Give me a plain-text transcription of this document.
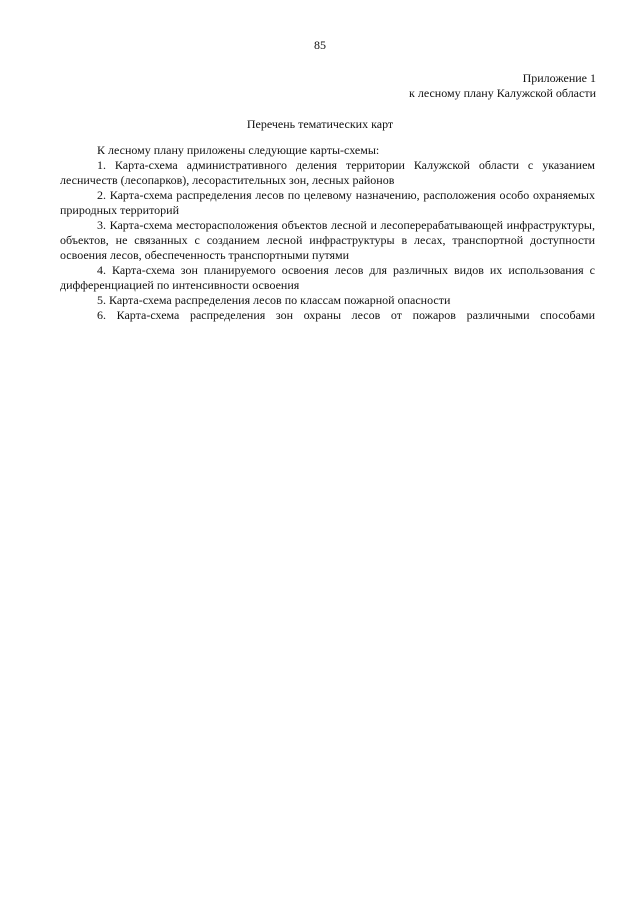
85
Приложение 1
к лесному плану Калужской области
Перечень тематических карт

К лесному плану приложены следующие карты-схемы:

1. Карта-схема административного деления территории Калужской области с указанием лесничеств (лесопарков), лесорастительных зон, лесных районов

2. Карта-схема распределения лесов по целевому назначению, расположения особо охраняемых природных территорий

3. Карта-схема месторасположения объектов лесной и лесоперерабатывающей инфраструктуры, объектов, не связанных с созданием лесной инфраструктуры в лесах, транспортной доступности освоения лесов, обеспеченность транспортными путями

4. Карта-схема зон планируемого освоения лесов для различных видов их использования с дифференциацией по интенсивности освоения

5. Карта-схема распределения лесов по классам пожарной опасности

6. Карта-схема распределения зон охраны лесов от пожаров различными способами
